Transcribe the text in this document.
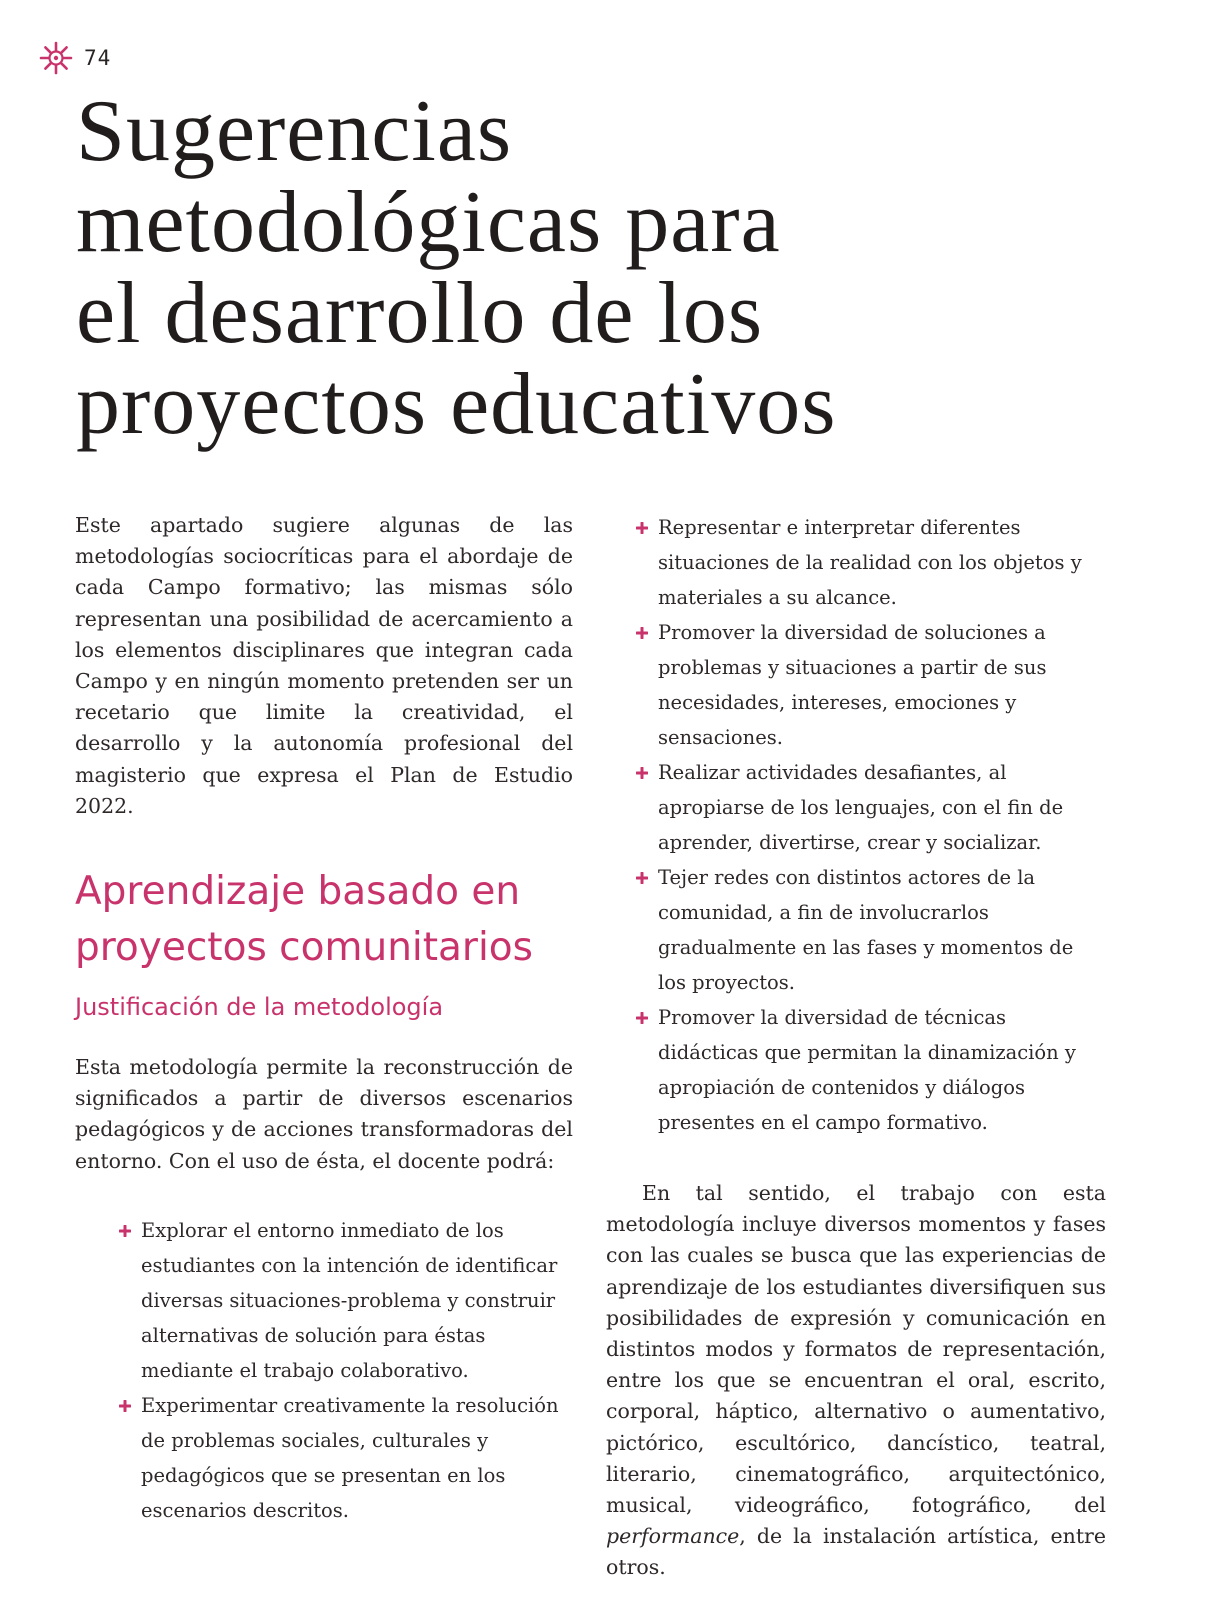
74
Sugerencias
metodológicas para
el desarrollo de los
proyectos educativos

Este apartado sugiere algunas de las metodologías sociocríticas para el abordaje de cada Campo formativo; las mismas sólo representan una posibilidad de acercamiento a los elementos disciplinares que integran cada Campo y en ningún momento pretenden ser un recetario que limite la creatividad, el desarrollo y la autonomía profesional del magisterio que expresa el Plan de Estudio 2022.

Aprendizaje basado en
proyectos comunitarios
Justificación de la metodología

Esta metodología permite la reconstrucción de significados a partir de diversos escenarios pedagógicos y de acciones transformadoras del entorno. Con el uso de ésta, el docente podrá:

Explorar el entorno inmediato de los estudiantes con la intención de identificar diversas situaciones-problema y construir alternativas de solución para éstas mediante el trabajo colaborativo.
Experimentar creativamente la resolución de problemas sociales, culturales y pedagógicos que se presentan en los escenarios descritos.
Representar e interpretar diferentes situaciones de la realidad con los objetos y materiales a su alcance.
Promover la diversidad de soluciones a problemas y situaciones a partir de sus necesidades, intereses, emociones y sensaciones.
Realizar actividades desafiantes, al apropiarse de los lenguajes, con el fin de aprender, divertirse, crear y socializar.
Tejer redes con distintos actores de la comunidad, a fin de involucrarlos gradualmente en las fases y momentos de los proyectos.
Promover la diversidad de técnicas didácticas que permitan la dinamización y apropiación de contenidos y diálogos presentes en el campo formativo.

En tal sentido, el trabajo con esta metodología incluye diversos momentos y fases con las cuales se busca que las experiencias de aprendizaje de los estudiantes diversifiquen sus posibilidades de expresión y comunicación en distintos modos y formatos de representación, entre los que se encuentran el oral, escrito, corporal, háptico, alternativo o aumentativo, pictórico, escultórico, dancístico, teatral, literario, cinematográfico, arquitectónico, musical, videográfico, fotográfico, del performance, de la instalación artística, entre otros.
